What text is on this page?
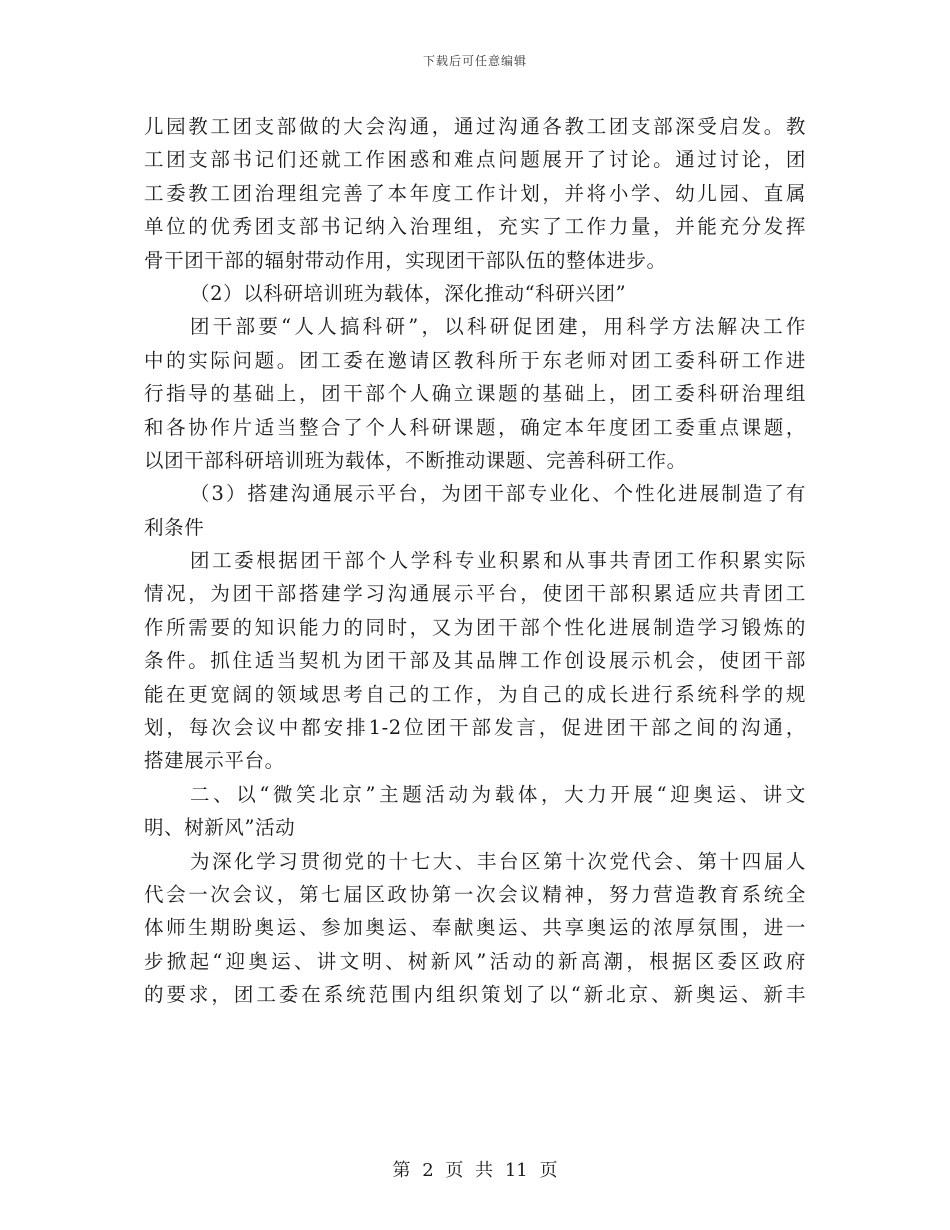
下载后可任意编辑
儿园教工团支部做的大会沟通，通过沟通各教工团支部深受启发。教
工团支部书记们还就工作困惑和难点问题展开了讨论。通过讨论，团
工委教工团治理组完善了本年度工作计划，并将小学、幼儿园、直属
单位的优秀团支部书记纳入治理组，充实了工作力量，并能充分发挥
骨干团干部的辐射带动作用，实现团干部队伍的整体进步。
（2）以科研培训班为载体，深化推动“科研兴团”
团干部要“人人搞科研”，以科研促团建，用科学方法解决工作
中的实际问题。团工委在邀请区教科所于东老师对团工委科研工作进
行指导的基础上，团干部个人确立课题的基础上，团工委科研治理组
和各协作片适当整合了个人科研课题，确定本年度团工委重点课题，
以团干部科研培训班为载体，不断推动课题、完善科研工作。
（3）搭建沟通展示平台，为团干部专业化、个性化进展制造了有
利条件
团工委根据团干部个人学科专业积累和从事共青团工作积累实际
情况，为团干部搭建学习沟通展示平台，使团干部积累适应共青团工
作所需要的知识能力的同时，又为团干部个性化进展制造学习锻炼的
条件。抓住适当契机为团干部及其品牌工作创设展示机会，使团干部
能在更宽阔的领域思考自己的工作，为自己的成长进行系统科学的规
划，每次会议中都安排1-2位团干部发言，促进团干部之间的沟通，
搭建展示平台。
二、以“微笑北京”主题活动为载体，大力开展“迎奥运、讲文
明、树新风”活动
为深化学习贯彻党的十七大、丰台区第十次党代会、第十四届人
代会一次会议，第七届区政协第一次会议精神，努力营造教育系统全
体师生期盼奥运、参加奥运、奉献奥运、共享奥运的浓厚氛围，进一
步掀起“迎奥运、讲文明、树新风”活动的新高潮，根据区委区政府
的要求，团工委在系统范围内组织策划了以“新北京、新奥运、新丰
第 2 页 共 11 页
